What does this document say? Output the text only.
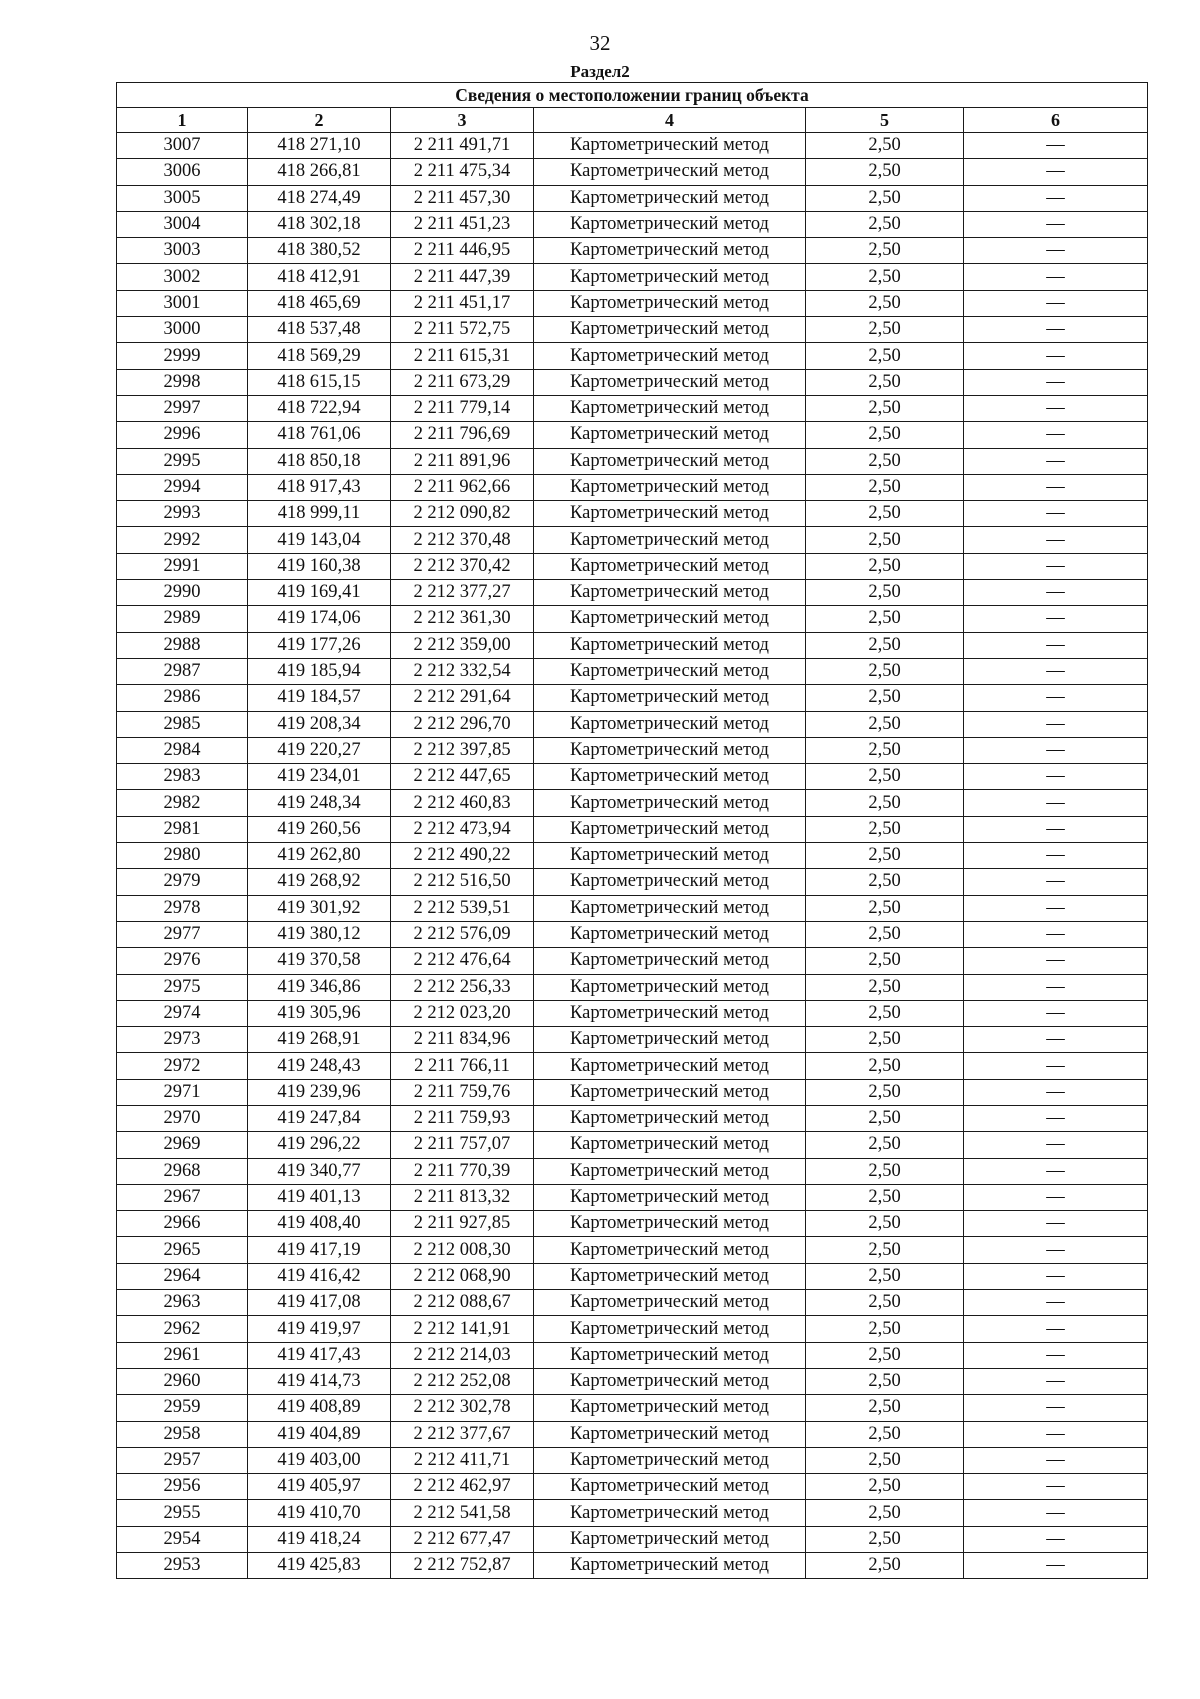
32
Раздел2
Сведения о местоположении границ объекта					
1	2	3	4	5	6
3007	418 271,10	2 211 491,71	Картометрический метод	2,50	—
3006	418 266,81	2 211 475,34	Картометрический метод	2,50	—
3005	418 274,49	2 211 457,30	Картометрический метод	2,50	—
3004	418 302,18	2 211 451,23	Картометрический метод	2,50	—
3003	418 380,52	2 211 446,95	Картометрический метод	2,50	—
3002	418 412,91	2 211 447,39	Картометрический метод	2,50	—
3001	418 465,69	2 211 451,17	Картометрический метод	2,50	—
3000	418 537,48	2 211 572,75	Картометрический метод	2,50	—
2999	418 569,29	2 211 615,31	Картометрический метод	2,50	—
2998	418 615,15	2 211 673,29	Картометрический метод	2,50	—
2997	418 722,94	2 211 779,14	Картометрический метод	2,50	—
2996	418 761,06	2 211 796,69	Картометрический метод	2,50	—
2995	418 850,18	2 211 891,96	Картометрический метод	2,50	—
2994	418 917,43	2 211 962,66	Картометрический метод	2,50	—
2993	418 999,11	2 212 090,82	Картометрический метод	2,50	—
2992	419 143,04	2 212 370,48	Картометрический метод	2,50	—
2991	419 160,38	2 212 370,42	Картометрический метод	2,50	—
2990	419 169,41	2 212 377,27	Картометрический метод	2,50	—
2989	419 174,06	2 212 361,30	Картометрический метод	2,50	—
2988	419 177,26	2 212 359,00	Картометрический метод	2,50	—
2987	419 185,94	2 212 332,54	Картометрический метод	2,50	—
2986	419 184,57	2 212 291,64	Картометрический метод	2,50	—
2985	419 208,34	2 212 296,70	Картометрический метод	2,50	—
2984	419 220,27	2 212 397,85	Картометрический метод	2,50	—
2983	419 234,01	2 212 447,65	Картометрический метод	2,50	—
2982	419 248,34	2 212 460,83	Картометрический метод	2,50	—
2981	419 260,56	2 212 473,94	Картометрический метод	2,50	—
2980	419 262,80	2 212 490,22	Картометрический метод	2,50	—
2979	419 268,92	2 212 516,50	Картометрический метод	2,50	—
2978	419 301,92	2 212 539,51	Картометрический метод	2,50	—
2977	419 380,12	2 212 576,09	Картометрический метод	2,50	—
2976	419 370,58	2 212 476,64	Картометрический метод	2,50	—
2975	419 346,86	2 212 256,33	Картометрический метод	2,50	—
2974	419 305,96	2 212 023,20	Картометрический метод	2,50	—
2973	419 268,91	2 211 834,96	Картометрический метод	2,50	—
2972	419 248,43	2 211 766,11	Картометрический метод	2,50	—
2971	419 239,96	2 211 759,76	Картометрический метод	2,50	—
2970	419 247,84	2 211 759,93	Картометрический метод	2,50	—
2969	419 296,22	2 211 757,07	Картометрический метод	2,50	—
2968	419 340,77	2 211 770,39	Картометрический метод	2,50	—
2967	419 401,13	2 211 813,32	Картометрический метод	2,50	—
2966	419 408,40	2 211 927,85	Картометрический метод	2,50	—
2965	419 417,19	2 212 008,30	Картометрический метод	2,50	—
2964	419 416,42	2 212 068,90	Картометрический метод	2,50	—
2963	419 417,08	2 212 088,67	Картометрический метод	2,50	—
2962	419 419,97	2 212 141,91	Картометрический метод	2,50	—
2961	419 417,43	2 212 214,03	Картометрический метод	2,50	—
2960	419 414,73	2 212 252,08	Картометрический метод	2,50	—
2959	419 408,89	2 212 302,78	Картометрический метод	2,50	—
2958	419 404,89	2 212 377,67	Картометрический метод	2,50	—
2957	419 403,00	2 212 411,71	Картометрический метод	2,50	—
2956	419 405,97	2 212 462,97	Картометрический метод	2,50	—
2955	419 410,70	2 212 541,58	Картометрический метод	2,50	—
2954	419 418,24	2 212 677,47	Картометрический метод	2,50	—
2953	419 425,83	2 212 752,87	Картометрический метод	2,50	—
